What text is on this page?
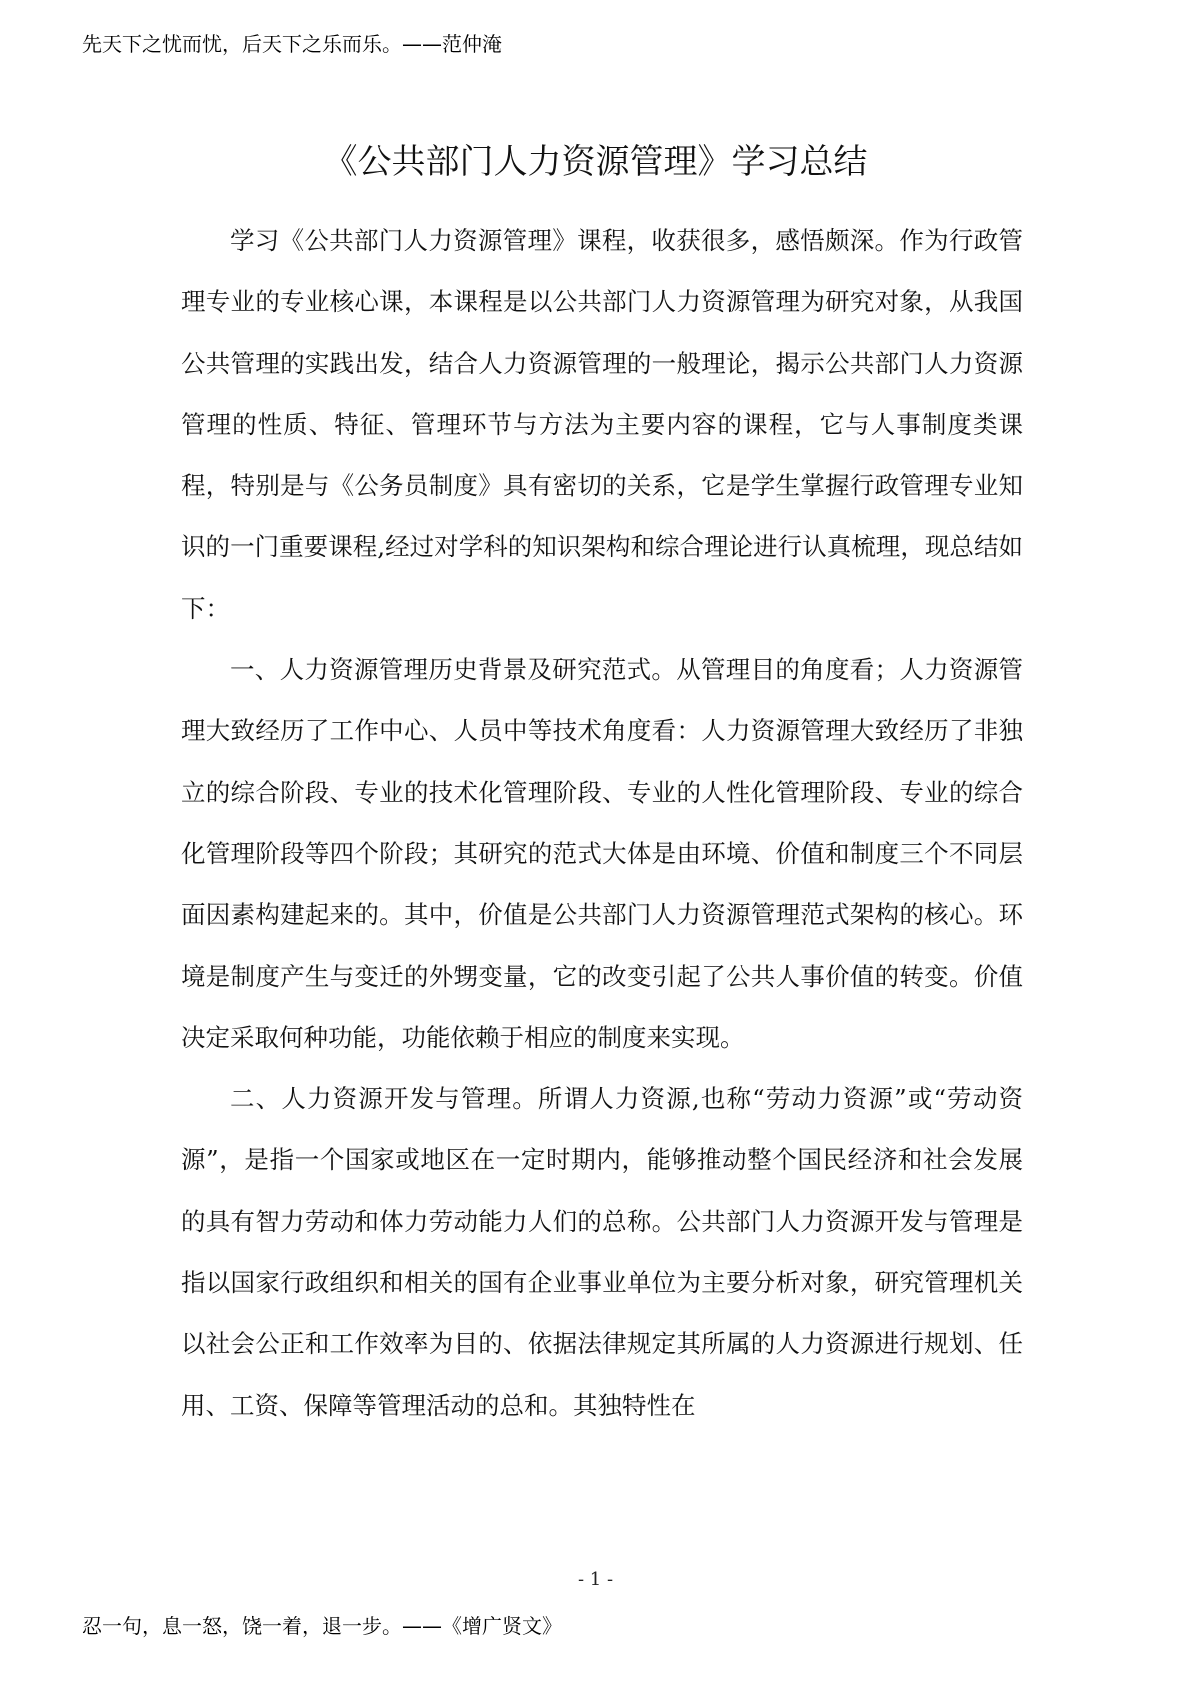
先天下之忧而忧，后天下之乐而乐。——范仲淹
《公共部门人力资源管理》学习总结

学习《公共部门人力资源管理》课程，收获很多，感悟颇深。作为行政管理专业的专业核心课，本课程是以公共部门人力资源管理为研究对象，从我国公共管理的实践出发，结合人力资源管理的一般理论，揭示公共部门人力资源管理的性质、特征、管理环节与方法为主要内容的课程，它与人事制度类课程，特别是与《公务员制度》具有密切的关系，它是学生掌握行政管理专业知识的一门重要课程,经过对学科的知识架构和综合理论进行认真梳理，现总结如下：

一、人力资源管理历史背景及研究范式。从管理目的角度看；人力资源管理大致经历了工作中心、人员中等技术角度看：人力资源管理大致经历了非独立的综合阶段、专业的技术化管理阶段、专业的人性化管理阶段、专业的综合化管理阶段等四个阶段；其研究的范式大体是由环境、价值和制度三个不同层面因素构建起来的。其中，价值是公共部门人力资源管理范式架构的核心。环境是制度产生与变迁的外甥变量，它的改变引起了公共人事价值的转变。价值决定采取何种功能，功能依赖于相应的制度来实现。

二、人力资源开发与管理。所谓人力资源,也称“劳动力资源”或“劳动资源”，是指一个国家或地区在一定时期内，能够推动整个国民经济和社会发展的具有智力劳动和体力劳动能力人们的总称。公共部门人力资源开发与管理是指以国家行政组织和相关的国有企业事业单位为主要分析对象，研究管理机关以社会公正和工作效率为目的、依据法律规定其所属的人力资源进行规划、任用、工资、保障等管理活动的总和。其独特性在

- 1 -
忍一句，息一怒，饶一着，退一步。——《增广贤文》
